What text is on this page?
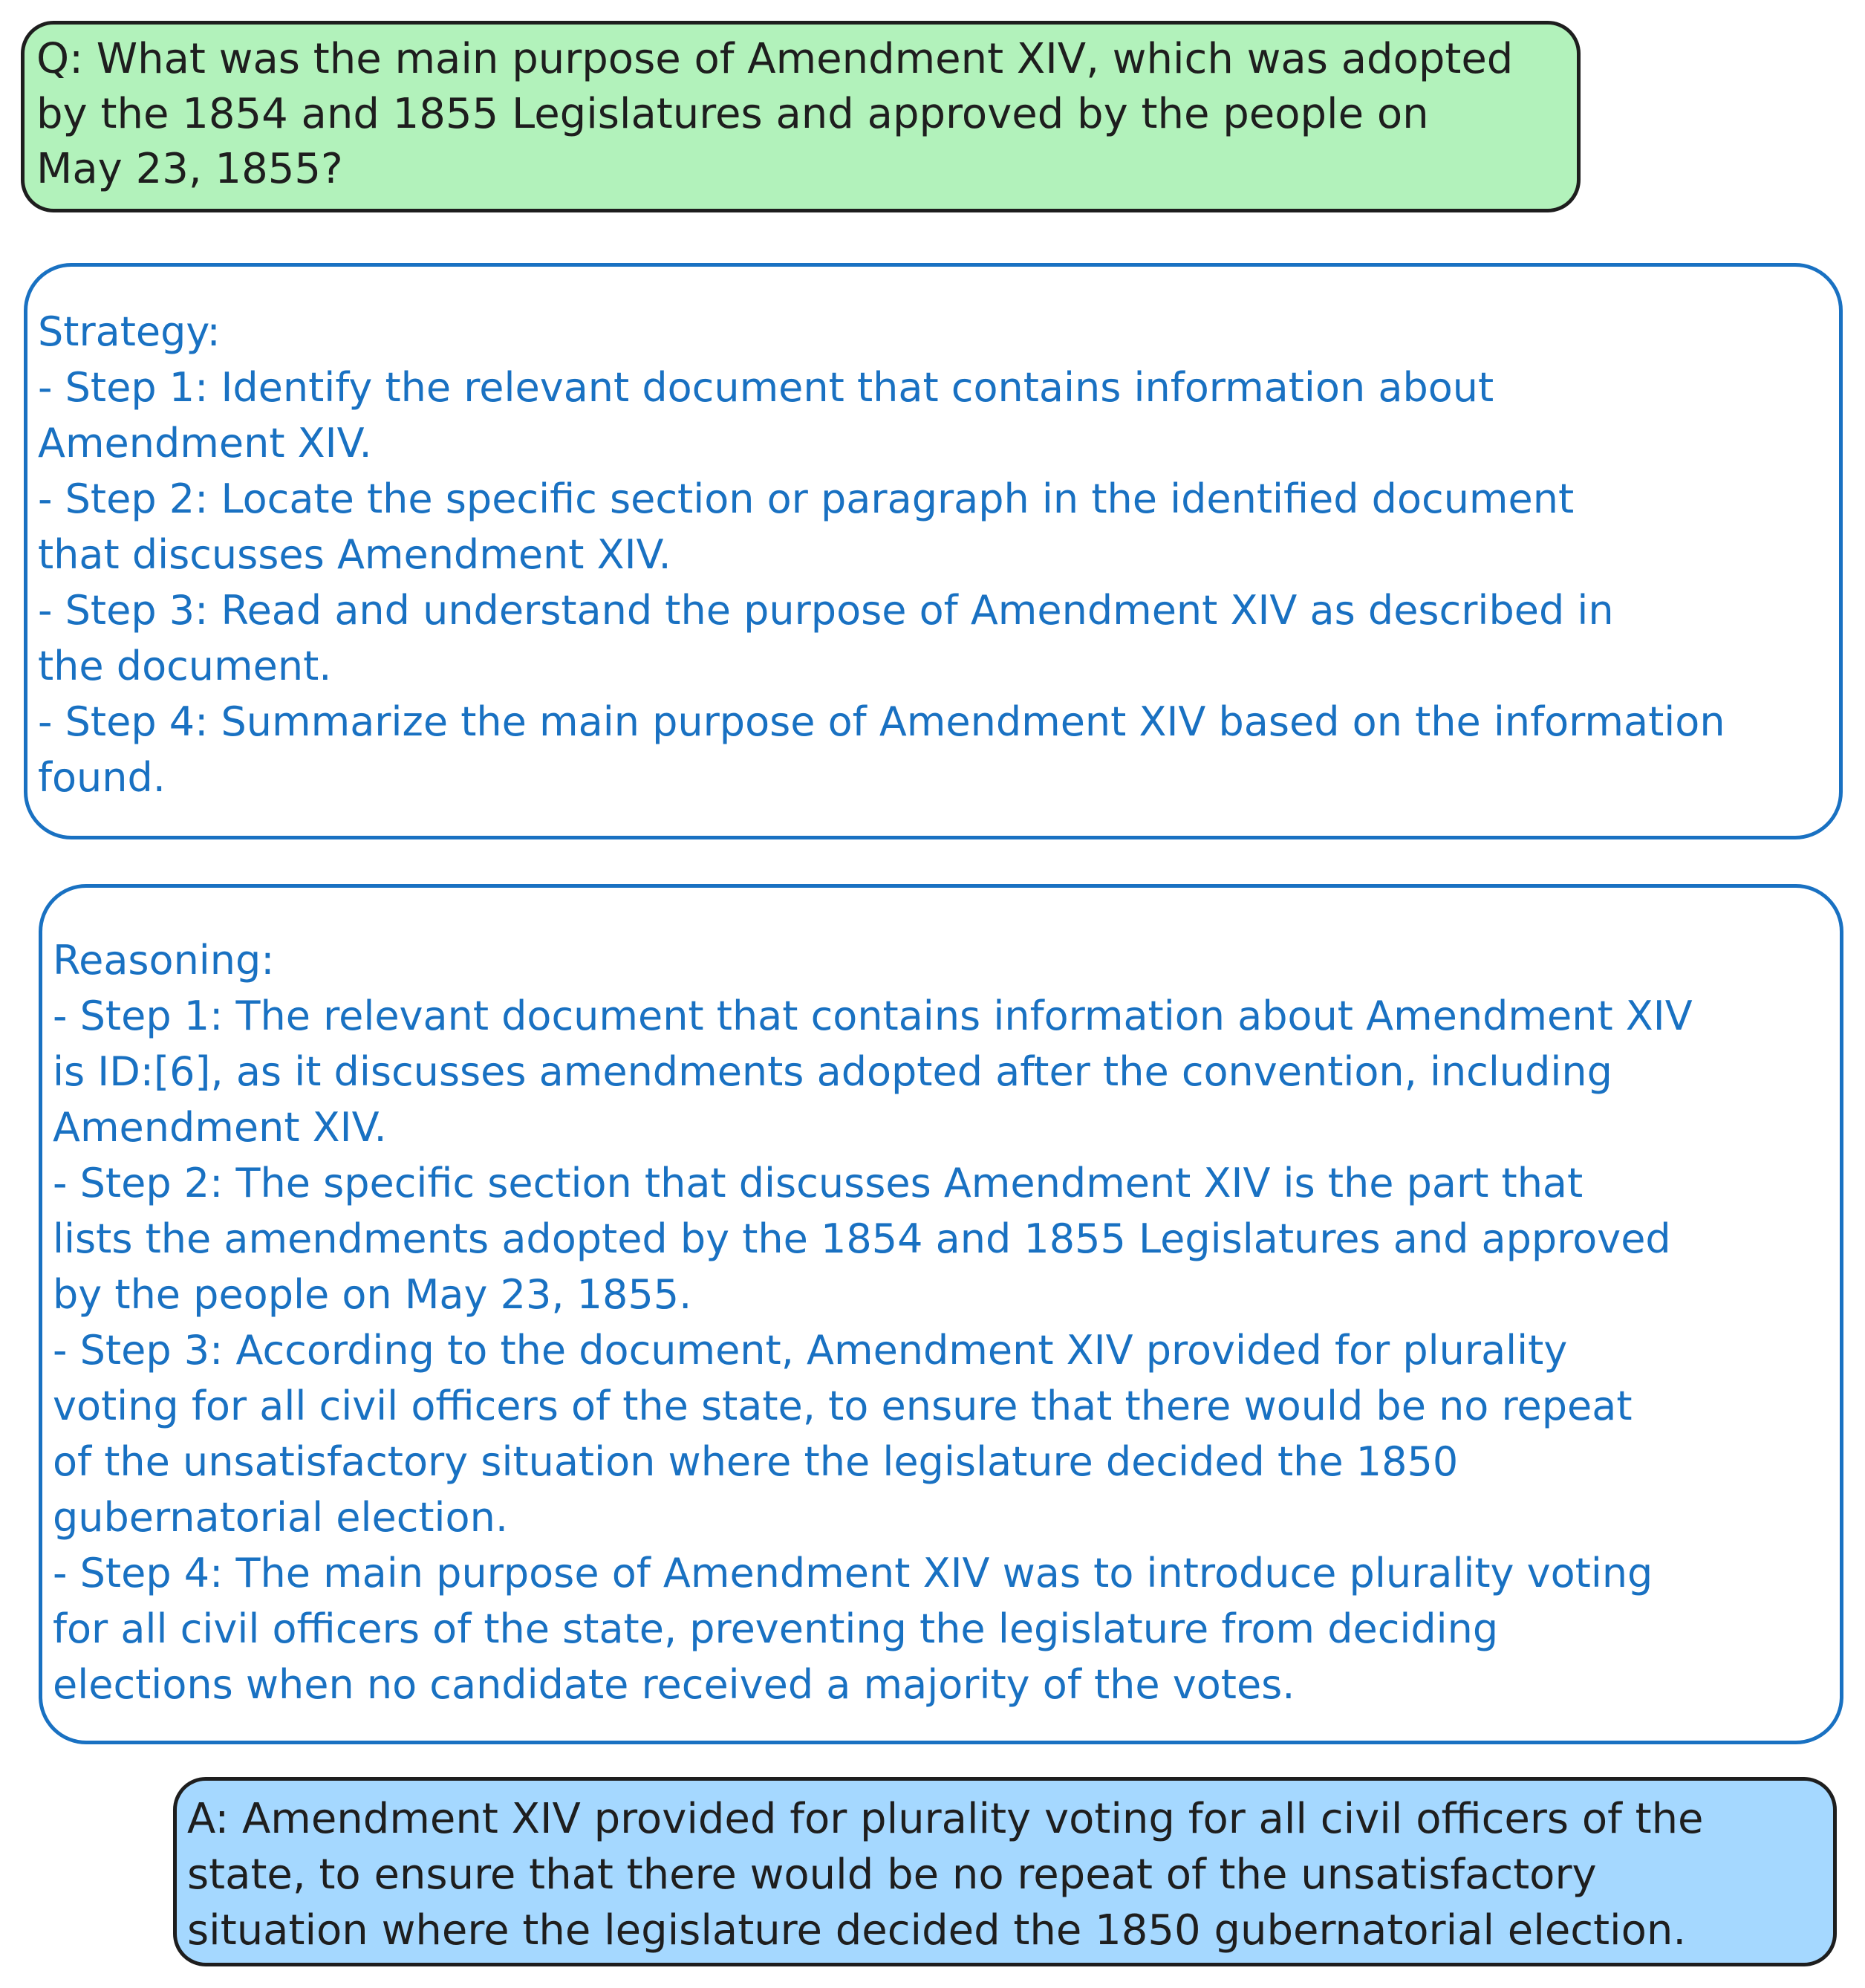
Q: What was the main purpose of Amendment XIV, which was adopted
by the 1854 and 1855 Legislatures and approved by the people on
May 23, 1855?
Strategy:
- Step 1: Identify the relevant document that contains information about
Amendment XIV.
- Step 2: Locate the specific section or paragraph in the identified document
that discusses Amendment XIV.
- Step 3: Read and understand the purpose of Amendment XIV as described in
the document.
- Step 4: Summarize the main purpose of Amendment XIV based on the information
found.
Reasoning:
- Step 1: The relevant document that contains information about Amendment XIV
is ID:[6], as it discusses amendments adopted after the convention, including
Amendment XIV.
- Step 2: The specific section that discusses Amendment XIV is the part that
lists the amendments adopted by the 1854 and 1855 Legislatures and approved
by the people on May 23, 1855.
- Step 3: According to the document, Amendment XIV provided for plurality
voting for all civil officers of the state, to ensure that there would be no repeat
of the unsatisfactory situation where the legislature decided the 1850
gubernatorial election.
- Step 4: The main purpose of Amendment XIV was to introduce plurality voting
for all civil officers of the state, preventing the legislature from deciding
elections when no candidate received a majority of the votes.
A: Amendment XIV provided for plurality voting for all civil officers of the
state, to ensure that there would be no repeat of the unsatisfactory
situation where the legislature decided the 1850 gubernatorial election.
